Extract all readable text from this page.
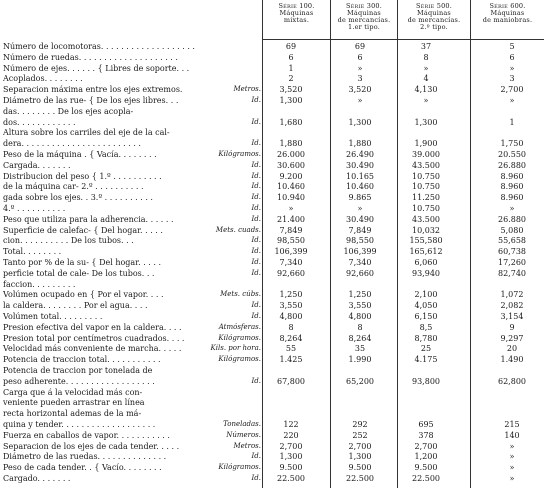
Série 100.
Máquinas
mixtas.
Série 300.
Máquinas
de mercancías.
1.er tipo.
Série 500.
Máquinas
de mercancías.
2.º tipo.
Série 600.
Máquinas
de maniobras.
Número de locomotoras. . . . . . . . . . . . . . . . . . .	69	69	37	5
Número de ruedas. . . . . . . . . . . . . . . . . . . .	6	6	8	6
Número de ejes. . . . . . { Libres de soporte. . .	1	»	»	»
Acoplados. . . . . . . .	2	3	4	3
Separacion máxima entre los ejes extremos.	Metros.	3,520	3,520	4,130	2,700
Diámetro de las rue- { De los ejes libres. . .	Id.	1,300	»	»	»
das. . . . . . . . De los ejes acopla-
dos. . . . . . . . . . . .	Id.	1,680	1,300	1,300	1
Altura sobre los carriles del eje de la cal-
dera. . . . . . . . . . . . . . . . . . . . . . . .	Id.	1,880	1,880	1,900	1,750
Peso de la máquina . { Vacía. . . . . . . .	Kilógramos.	26.000	26.490	39.000	20.550
Cargada. . . . . . .	Id.	30.600	30.490	43.500	26.880
Distribucion del peso { 1.º . . . . . . . . . .	Id.	9.200	10.165	10.750	8.960
de la máquina car- 2.º . . . . . . . . . .	Id.	10.460	10.460	10.750	8.960
gada sobre los ejes. . 3.º . . . . . . . . . .	Id.	10.940	9.865	11.250	8.960
4.º . . . . . . . . . .	Id.	»	»	10.750	»
Peso que utiliza para la adherencia. . . . . .	Id.	21.400	30.490	43.500	26.880
Superficie de calefac- { Del hogar. . . . .	Mets. cuads.	7,849	7,849	10,032	5,080
cion. . . . . . . . . . De los tubos. . .	Id.	98,550	98,550	155,580	55,658
Total. . . . . . . .	Id.	106,399	106,399	165,612	60,738
Tanto por % de la su- { Del hogar. . . . .	Id.	7,340	7,340	6,060	17,260
perficie total de cale- De los tubos. . .	Id.	92,660	92,660	93,940	82,740
faccion. . . . . . . . .
Volúmen ocupado en { Por el vapor. . . .	Mets. cúbs.	1,250	1,250	2,100	1,072
la caldera. . . . . . . . Por el agua. . . .	Id.	3,550	3,550	4,050	2,082
Volúmen total. . . . . . . . .	Id.	4,800	4,800	6,150	3,154
Presion efectiva del vapor en la caldera. . . .	Atmósferas.	8	8	8,5	9
Presion total por centímetros cuadrados. . . .	Kilógramos.	8,264	8,264	8,780	9,297
Velocidad más conveniente de marcha. . . . .	Kils. por hora.	55	35	25	20
Potencia de traccion total. . . . . . . . . . .	Kilógramos.	1.425	1.990	4.175	1.490
Potencia de traccion por tonelada de
peso adherente. . . . . . . . . . . . . . . . . .	Id.	67,800	65,200	93,800	62,800
Carga que á la velocidad más con-
veniente pueden arrastrar en línea
recta horizontal ademas de la má-
quina y tender. . . . . . . . . . . . . . . . . . .	Toneladas.	122	292	695	215
Fuerza en caballos de vapor. . . . . . . . . . .	Números.	220	252	378	140
Separacion de los ejes de cada tender. . . . .	Metros.	2,700	2,700	2,700	»
Diámetro de las ruedas. . . . . . . . . . . . . .	Id.	1,300	1,300	1,200	»
Peso de cada tender. . { Vacío. . . . . . . .	Kilógramos.	9.500	9.500	9.500	»
Cargado. . . . . . .	Id.	22.500	22.500	22.500	»
